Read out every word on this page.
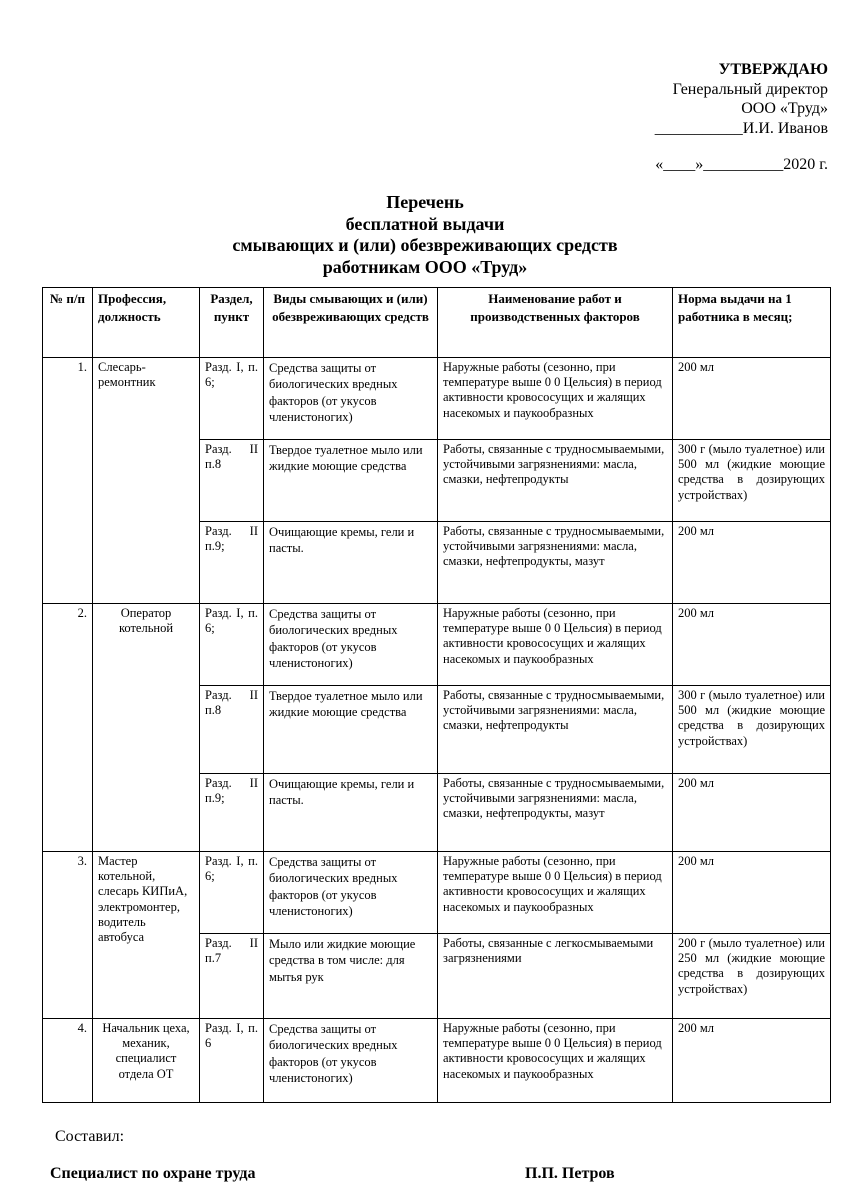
УТВЕРЖДАЮ
Генеральный директор
ООО «Труд»
___________И.И. Иванов
«____»__________2020 г.
Перечень
бесплатной выдачи
смывающих и (или) обезвреживающих средств
работникам ООО «Труд»
№ п/п	Профессия, должность	Раздел, пункт	Виды смывающих и (или) обезвреживающих средств	Наименование работ и производственных факторов	Норма выдачи на 1 работника в месяц;
1.	Слесарь-ремонтник	Разд. I, п. 6;	Средства защиты от биологических вредных факторов (от укусов членистоногих)	Наружные работы (сезонно, при температуре выше 0 0 Цельсия) в период активности кровососущих и жалящих насекомых и паукообразных	200 мл
		Разд. II п.8	Твердое туалетное мыло или жидкие моющие средства	Работы, связанные с трудносмываемыми, устойчивыми загрязнениями: масла, смазки, нефтепродукты	300 г (мыло туалетное) или 500 мл (жидкие моющие средства в дозирующих устройствах)
		Разд. II п.9;	Очищающие кремы, гели и пасты.	Работы, связанные с трудносмываемыми, устойчивыми загрязнениями: масла, смазки, нефтепродукты, мазут	200 мл
2.	Оператор котельной	Разд. I, п. 6;	Средства защиты от биологических вредных факторов (от укусов членистоногих)	Наружные работы (сезонно, при температуре выше 0 0 Цельсия) в период активности кровососущих и жалящих насекомых и паукообразных	200 мл
		Разд. II п.8	Твердое туалетное мыло или жидкие моющие средства	Работы, связанные с трудносмываемыми, устойчивыми загрязнениями: масла, смазки, нефтепродукты	300 г (мыло туалетное) или 500 мл (жидкие моющие средства в дозирующих устройствах)
		Разд. II п.9;	Очищающие кремы, гели и пасты.	Работы, связанные с трудносмываемыми, устойчивыми загрязнениями: масла, смазки, нефтепродукты, мазут	200 мл
3.	Мастер котельной, слесарь КИПиА, электромонтер, водитель автобуса	Разд. I, п. 6;	Средства защиты от биологических вредных факторов (от укусов членистоногих)	Наружные работы (сезонно, при температуре выше 0 0 Цельсия) в период активности кровососущих и жалящих насекомых и паукообразных	200 мл
		Разд. II п.7	Мыло или жидкие моющие средства в том числе: для мытья рук	Работы, связанные с легкосмываемыми загрязнениями	200 г (мыло туалетное) или 250 мл (жидкие моющие средства в дозирующих устройствах)
4.	Начальник цеха, механик, специалист отдела ОТ	Разд. I, п. 6	Средства защиты от биологических вредных факторов (от укусов членистоногих)	Наружные работы (сезонно, при температуре выше 0 0 Цельсия) в период активности кровососущих и жалящих насекомых и паукообразных	200 мл
Составил:
Специалист по охране труда	П.П. Петров
